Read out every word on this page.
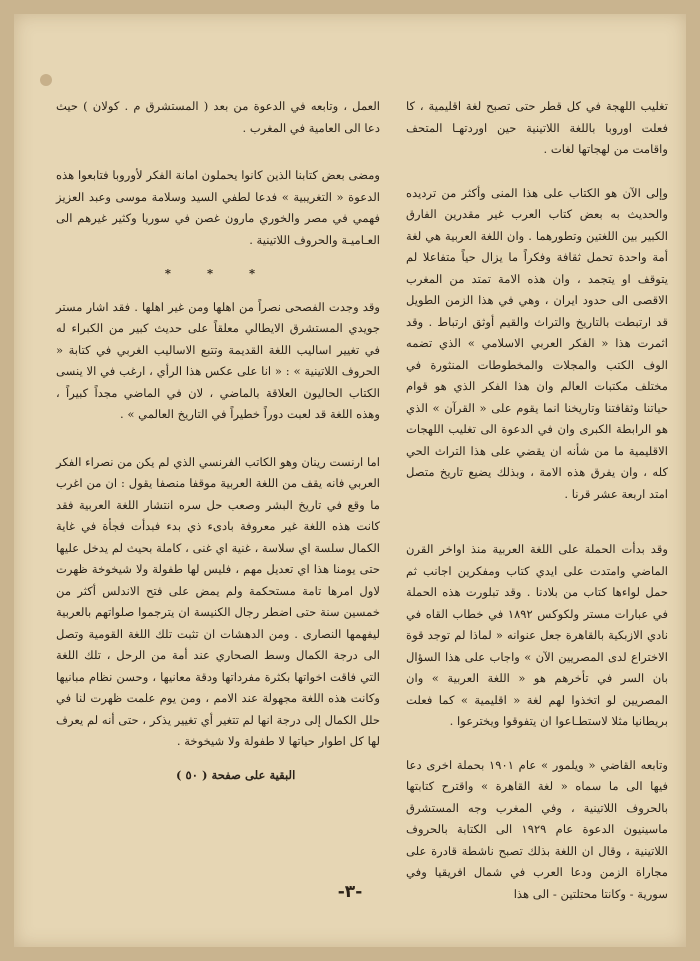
تغليب اللهجة في كل قطر حتى تصبح لغة اقليمية ، كا فعلت اوروبا باللغة اللاتينية حين اوردتهـا المتحف واقامت من لهجاتها لغات .

وإلى الآن هو الكتاب على هذا المنى وأكثر من ترديده والحديث به بعض كتاب العرب غير مقدرين الفارق الكبير بين اللغتين وتطورهما . وان اللغة العربية هي لغة أمة واحدة تحمل ثقافة وفكراً ما يزال حياً متفاعلا لم يتوقف او يتجمد ، وان هذه الامة تمتد من المغرب الاقصى الى حدود ايران ، وهي في هذا الزمن الطويل قد ارتبطت بالتاريخ والتراث والقيم أوثق ارتباط . وقد اثمرت هذا « الفكر العربي الاسلامي » الذي تضمه الوف الكتب والمجلات والمخطوطات المنثورة في مختلف مكتبات العالم وان هذا الفكر الذي هو قوام حياتنا وثقافتنا وتاريخنا انما يقوم على « القرآن » الذي هو الرابطة الكبرى وان في الدعوة الى تغليب اللهجات الاقليمية ما من شأنه ان يقضي على هذا التراث الحي كله ، وان يفرق هذه الامة ، وبذلك يضيع تاريخ متصل امتد اربعة عشر قرنا .

وقد بدأت الحملة على اللغة العربية منذ اواخر القرن الماضي وامتدت على ايدي كتاب ومفكرين اجانب ثم حمل لواءها كتاب من بلادنا . وقد تبلورت هذه الحملة في عبارات مستر ولكوكس ١٨٩٢ في خطاب القاه في نادي الازبكية بالقاهرة جعل عنوانه « لماذا لم توجد قوة الاختراع لدى المصريين الآن » واجاب على هذا السؤال بان السر في تأخرهم هو « اللغة العربية » وان المصريين لو اتخذوا لهم لغة « اقليمية » كما فعلت بريطانيا مثلا لاستطـاعوا ان يتفوقوا ويخترعوا .

وتابعه القاضي « ويلمور » عام ١٩٠١ بحملة اخرى دعا فيها الى ما سماه « لغة القاهرة » واقترح كتابتها بالحروف اللاتينية ، وفي المغرب وجه المستشرق ماسينيون الدعوة عام ١٩٢٩ الى الكتابة بالحروف اللاتينية ، وقال ان اللغة بذلك تصبح ناشطة قادرة على مجاراة الزمن ودعا العرب في شمال افريقيا وفي سورية - وكانتا محتلتين - الى هذا

العمل ، وتابعه في الدعوة من بعد ( المستشرق م . كولان ) حيث دعا الى العامية في المغرب .

ومضى بعض كتابنا الذين كانوا يحملون امانة الفكر لأوروبا فتابعوا هذه الدعوة « التغريبية » فدعا لطفي السيد وسلامة موسى وعبد العزيز فهمي في مصر والخوري مارون غصن في سوريا وكثير غيرهم الى العـاميـة والحروف اللاتينية .

* * *

وقد وجدت الفصحى نصراً من اهلها ومن غير اهلها . فقد اشار مستر جويدي المستشرق الايطالي معلقاً على حديث كبير من الكبراء له في تغيير اساليب اللغة القديمة وتتبع الاساليب الغربي في كتابة « الحروف اللاتينية » : « انا على عكس هذا الرأي ، ارغب في الا ينسى الكتاب الحاليون العلاقة بالماضي ، لان في الماضي مجداً كبيراً ، وهذه اللغة قد لعبت دوراً خطيراً في التاريخ العالمي » .

اما ارنست رينان وهو الكاتب الفرنسي الذي لم يكن من نصراء الفكر العربي فانه يقف من اللغة العربية موقفا منصفا يقول : ان من اغرب ما وقع في تاريخ البشر وصعب حل سره انتشار اللغة العربية فقد كانت هذه اللغة غير معروفة بادىء ذي بدء فبدأت فجأة في غاية الكمال سلسة اي سلاسة ، غنية اي غنى ، كاملة بحيث لم يدخل عليها حتى يومنا هذا اي تعديل مهم ، فليس لها طفولة ولا شيخوخة ظهرت لاول امرها تامة مستحكمة ولم يمض على فتح الاندلس أكثر من خمسين سنة حتى اضطر رجال الكنيسة ان يترجموا صلواتهم بالعربية ليفهمها النصارى . ومن الدهشات ان تثبت تلك اللغة القومية وتصل الى درجة الكمال وسط الصحاري عند أمة من الرحل ، تلك اللغة التي فاقت اخواتها بكثرة مفرداتها ودقة معانيها ، وحسن نظام مبانيها وكانت هذه اللغة مجهولة عند الامم ، ومن يوم علمت ظهرت لنا في حلل الكمال إلى درجة انها لم تتغير أي تغيير يذكر ، حتى أنه لم يعرف لها كل اطوار حياتها لا طفولة ولا شيخوخة .

البقية على صفحة ( ٥٠ )
-٣-
